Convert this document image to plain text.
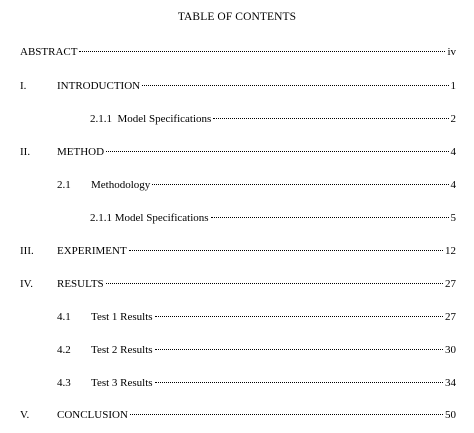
TABLE OF CONTENTS
ABSTRACT	iv
I.	INTRODUCTION	1
2.1.1  Model Specifications	2
II.	METHOD	4
2.1	Methodology	4
2.1.1 Model Specifications	5
III.	EXPERIMENT	12
IV.	RESULTS	27
4.1	Test 1 Results	27
4.2	Test 2 Results	30
4.3	Test 3 Results	34
V.	CONCLUSION	50
